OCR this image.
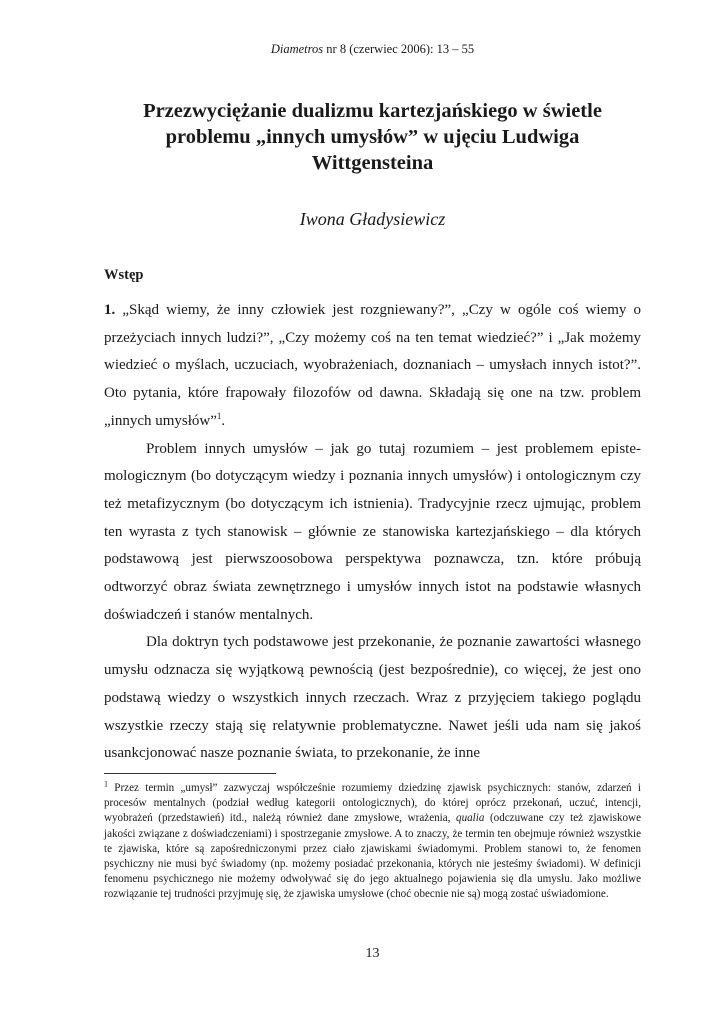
Diametros nr 8 (czerwiec 2006): 13 – 55
Przezwyciężanie dualizmu kartezjańskiego w świetle problemu „innych umysłów” w ujęciu Ludwiga Wittgensteina
Iwona Gładysiewicz
Wstęp

1. „Skąd wiemy, że inny człowiek jest rozgniewany?”, „Czy w ogóle coś wiemy o przeżyciach innych ludzi?”, „Czy możemy coś na ten temat wiedzieć?” i „Jak możemy wiedzieć o myślach, uczuciach, wyobrażeniach, doznaniach – umysłach innych istot?”. Oto pytania, które frapowały filozofów od dawna. Składają się one na tzw. problem „innych umysłów”$^1$.

Problem innych umysłów – jak go tutaj rozumiem – jest problemem epistemologicznym (bo dotyczącym wiedzy i poznania innych umysłów) i ontologicznym czy też metafizycznym (bo dotyczącym ich istnienia). Tradycyjnie rzecz ujmując, problem ten wyrasta z tych stanowisk – głównie ze stanowiska kartezjańskiego – dla których podstawową jest pierwszoosobowa perspektywa poznawcza, tzn. które próbują odtworzyć obraz świata zewnętrznego i umysłów innych istot na podstawie własnych doświadczeń i stanów mentalnych.

Dla doktryn tych podstawowe jest przekonanie, że poznanie zawartości własnego umysłu odznacza się wyjątkową pewnością (jest bezpośrednie), co więcej, że jest ono podstawą wiedzy o wszystkich innych rzeczach. Wraz z przyjęciem takiego poglądu wszystkie rzeczy stają się relatywnie problematyczne. Nawet jeśli uda nam się jakoś usankcjonować nasze poznanie świata, to przekonanie, że inne

$^1$ Przez termin „umysł” zazwyczaj współcześnie rozumiemy dziedzinę zjawisk psychicznych: stanów, zdarzeń i procesów mentalnych (podział według kategorii ontologicznych), do której oprócz przekonań, uczuć, intencji, wyobrażeń (przedstawień) itd., należą również dane zmysłowe, wrażenia, qualia (odczuwane czy też zjawiskowe jakości związane z doświadczeniami) i spostrzeganie zmysłowe. A to znaczy, że termin ten obejmuje również wszystkie te zjawiska, które są zapośredniczonymi przez ciało zjawiskami świadomymi. Problem stanowi to, że fenomen psychiczny nie musi być świadomy (np. możemy posiadać przekonania, których nie jesteśmy świadomi). W definicji fenomenu psychicznego nie możemy odwoływać się do jego aktualnego pojawienia się dla umysłu. Jako możliwe rozwiązanie tej trudności przyjmuję się, że zjawiska umysłowe (choć obecnie nie są) mogą zostać uświadomione.
13
